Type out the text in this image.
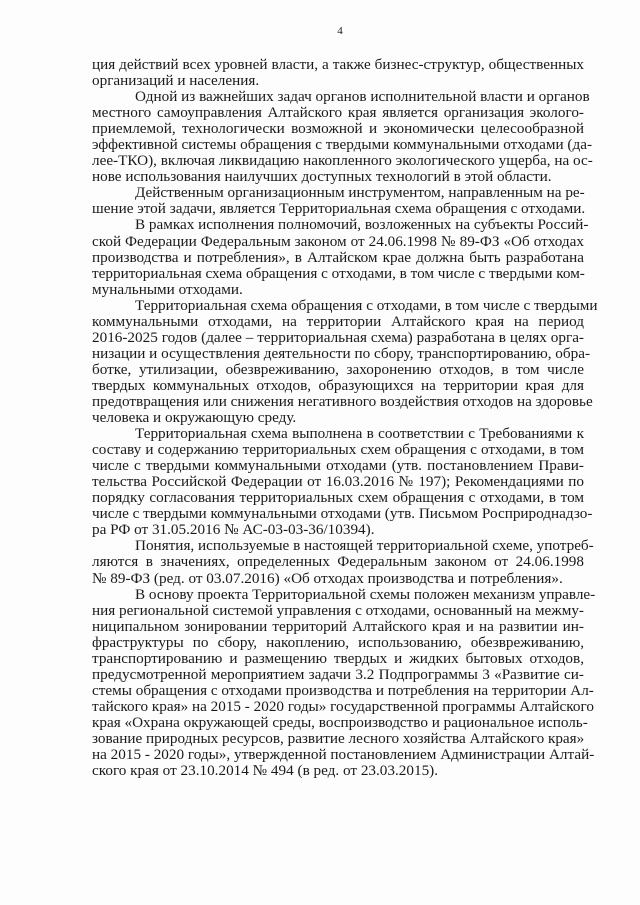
4
ция действий всех уровней власти, а также бизнес-структур, общественных
организаций и населения.
Одной из важнейших задач органов исполнительной власти и органов
местного самоуправления Алтайского края является организация эколого-
приемлемой, технологически возможной и экономически целесообразной
эффективной системы обращения с твердыми коммунальными отходами (да-
лее-ТКО), включая ликвидацию накопленного экологического ущерба, на ос-
нове использования наилучших доступных технологий в этой области.
Действенным организационным инструментом, направленным на ре-
шение этой задачи, является Территориальная схема обращения с отходами.
В рамках исполнения полномочий, возложенных на субъекты Россий-
ской Федерации Федеральным законом от 24.06.1998 № 89-ФЗ «Об отходах
производства и потребления», в Алтайском крае должна быть разработана
территориальная схема обращения с отходами, в том числе с твердыми ком-
мунальными отходами.
Территориальная схема обращения с отходами, в том числе с твердыми
коммунальными отходами, на территории Алтайского края на период
2016-2025 годов (далее – территориальная схема) разработана в целях орга-
низации и осуществления деятельности по сбору, транспортированию, обра-
ботке, утилизации, обезвреживанию, захоронению отходов, в том числе
твердых коммунальных отходов, образующихся на территории края для
предотвращения или снижения негативного воздействия отходов на здоровье
человека и окружающую среду.
Территориальная схема выполнена в соответствии с Требованиями к
составу и содержанию территориальных схем обращения с отходами, в том
числе с твердыми коммунальными отходами (утв. постановлением Прави-
тельства Российской Федерации от 16.03.2016 № 197); Рекомендациями по
порядку согласования территориальных схем обращения с отходами, в том
числе с твердыми коммунальными отходами (утв. Письмом Росприроднадзо-
ра РФ от 31.05.2016 № АС-03-03-36/10394).
Понятия, используемые в настоящей территориальной схеме, употреб-
ляются в значениях, определенных Федеральным законом от 24.06.1998
№ 89-ФЗ (ред. от 03.07.2016) «Об отходах производства и потребления».
В основу проекта Территориальной схемы положен механизм управле-
ния региональной системой управления с отходами, основанный на межму-
ниципальном зонировании территорий Алтайского края и на развитии ин-
фраструктуры по сбору, накоплению, использованию, обезвреживанию,
транспортированию и размещению твердых и жидких бытовых отходов,
предусмотренной мероприятием задачи 3.2 Подпрограммы 3 «Развитие си-
стемы обращения с отходами производства и потребления на территории Ал-
тайского края» на 2015 - 2020 годы» государственной программы Алтайского
края «Охрана окружающей среды, воспроизводство и рациональное исполь-
зование природных ресурсов, развитие лесного хозяйства Алтайского края»
на 2015 - 2020 годы», утвержденной постановлением Администрации Алтай-
ского края от 23.10.2014 № 494 (в ред. от 23.03.2015).
